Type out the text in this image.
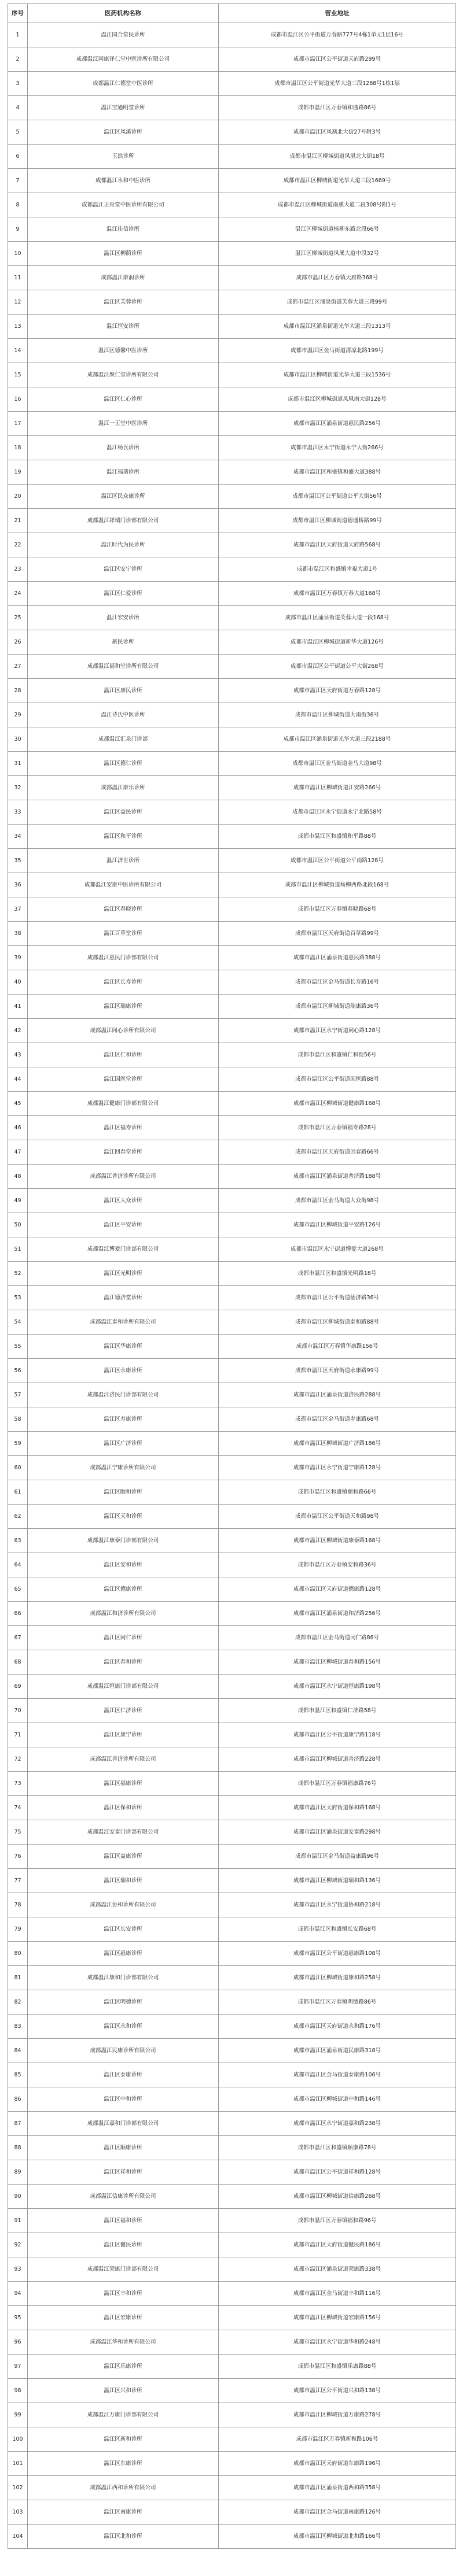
序号	医药机构名称	营业地址
1	温江国合堂民诊所	成都市温江区公平街道万春路777号4栋1单元1层16号
2	成都温江同康泽仁堂中医诊所有限公司	成都市温江区公平街道天府路299号
3	成都温江仁德堂中医诊所	成都市温江区公平街道光华大道三段1288号1栋1层
4	温江宝通明堂诊所	成都市温江区万春镇和盛路86号
5	温江区凤溪诊所	成都市温江区凤凰北大街27号附3号
6	玉滨诊所	成都市温江区柳城街道凤凰北大街18号
7	成都温江永和中医诊所	成都市温江区柳城街道光华大道三段1669号
8	成都温江正骨堂中医诊所有限公司	成都市温江区柳城街道南熏大道二段308号附1号
9	温江佳信诊所	温江区柳城街道杨柳东路北段66号
10	温江区柳荫诊所	温江区柳城街道凤溪大道中段32号
11	成都温江康润诊所	成都市温江区万春镇天府路368号
12	温江区芙蓉诊所	成都市温江区涌泉街道芙蓉大道三段99号
13	温江恒安诊所	成都市温江区涌泉街道光华大道三段1313号
14	温江区德馨中医诊所	成都市温江区金马街道清凉北路199号
15	成都温江聚仁堂诊所有限公司	成都市温江区柳城街道光华大道三段1536号
16	温江区仁心诊所	成都市温江区柳城街道凤凰南大街128号
17	温江一正堂中医诊所	成都市温江区涌泉街道惠民路256号
18	温江杨氏诊所	成都市温江区永宁街道永宁大街266号
19	温江福瑞诊所	成都市温江区和盛镇和盛大道388号
20	温江区民众康诊所	成都市温江区公平街道公平大街56号
21	成都温江祥瑞门诊部有限公司	成都市温江区柳城街道德通桥路99号
22	温江时代为民诊所	成都市温江区天府街道天府路568号
23	温江区安宁诊所	成都市温江区和盛镇幸福大道1号
24	温江区仁爱诊所	成都市温江区万春镇万春大道168号
25	温江宏安诊所	成都市温江区涌泉街道芙蓉大道一段168号
26	新民诊所	成都市温江区柳城街道新华大道126号
27	成都温江福和堂诊所有限公司	成都市温江区公平街道公平大街268号
28	温江区康民诊所	成都市温江区天府街道万春路128号
29	温江诗氏中医诊所	成都市温江区柳城街道大南街36号
30	成都温江汇泉门诊部	成都市温江区涌泉街道光华大道三段2188号
31	温江区德仁诊所	成都市温江区金马街道金马大道98号
32	成都温江康乐诊所	成都市温江区柳城街道江安路266号
33	温江区益民诊所	成都市温江区永宁街道永宁北路58号
34	温江区和平诊所	成都市温江区和盛镇和平路88号
35	温江济世诊所	成都市温江区公平街道公平南路128号
36	成都温江安康中医诊所有限公司	成都市温江区柳城街道杨柳西路北段168号
37	温江区春晓诊所	成都市温江区万春镇春晓路68号
38	温江百草堂诊所	成都市温江区天府街道百草路99号
39	成都温江惠民门诊部有限公司	成都市温江区涌泉街道惠民路388号
40	温江区长寿诊所	成都市温江区金马街道长寿路16号
41	温江区瑞康诊所	成都市温江区柳城街道瑞康路36号
42	成都温江同心诊所有限公司	成都市温江区永宁街道同心路128号
43	温江区仁和诊所	成都市温江区和盛镇仁和街56号
44	温江国医堂诊所	成都市温江区公平街道国医路88号
45	成都温江健康门诊部有限公司	成都市温江区柳城街道健康路168号
46	温江区福寿诊所	成都市温江区万春镇福寿路28号
47	温江回春堂诊所	成都市温江区天府街道回春路66号
48	成都温江普济诊所有限公司	成都市温江区涌泉街道普济路188号
49	温江区大众诊所	成都市温江区金马街道大众街98号
50	温江区平安诊所	成都市温江区柳城街道平安路126号
51	成都温江博爱门诊部有限公司	成都市温江区永宁街道博爱大道268号
52	温江区光明诊所	成都市温江区和盛镇光明路18号
53	温江德济堂诊所	成都市温江区公平街道德济路36号
54	成都温江泰和诊所有限公司	成都市温江区柳城街道泰和路88号
55	温江区华康诊所	成都市温江区万春镇华康路156号
56	温江区永康诊所	成都市温江区天府街道永康路99号
57	成都温江济民门诊部有限公司	成都市温江区涌泉街道济民路288号
58	温江区寿康诊所	成都市温江区金马街道寿康路68号
59	温江区广济诊所	成都市温江区柳城街道广济路186号
60	成都温江宁康诊所有限公司	成都市温江区永宁街道宁康路128号
61	温江区颐和诊所	成都市温江区和盛镇颐和路66号
62	温江区天和诊所	成都市温江区公平街道天和路98号
63	成都温江康泰门诊部有限公司	成都市温江区柳城街道康泰路168号
64	温江区安和诊所	成都市温江区万春镇安和路36号
65	温江区德康诊所	成都市温江区天府街道德康路128号
66	成都温江和济诊所有限公司	成都市温江区涌泉街道和济路256号
67	温江区同仁诊所	成都市温江区金马街道同仁路86号
68	温江区春和诊所	成都市温江区柳城街道春和路156号
69	成都温江恒康门诊部有限公司	成都市温江区永宁街道恒康路198号
70	温江区仁济诊所	成都市温江区和盛镇仁济路58号
71	温江区康宁诊所	成都市温江区公平街道康宁路118号
72	成都温江善济诊所有限公司	成都市温江区柳城街道善济路228号
73	温江区福康诊所	成都市温江区万春镇福康路76号
74	温江区保和诊所	成都市温江区天府街道保和路168号
75	成都温江安泰门诊部有限公司	成都市温江区涌泉街道安泰路298号
76	温江区益康诊所	成都市温江区金马街道益康路96号
77	温江区瑞和诊所	成都市温江区柳城街道瑞和路136号
78	成都温江协和诊所有限公司	成都市温江区永宁街道协和路218号
79	温江区长安诊所	成都市温江区和盛镇长安路68号
80	温江区惠康诊所	成都市温江区公平街道惠康路108号
81	成都温江康和门诊部有限公司	成都市温江区柳城街道康和路258号
82	温江区明德诊所	成都市温江区万春镇明德路86号
83	温江区永和诊所	成都市温江区天府街道永和路176号
84	成都温江民康诊所有限公司	成都市温江区涌泉街道民康路318号
85	温江区泰康诊所	成都市温江区金马街道泰康路106号
86	温江区中和诊所	成都市温江区柳城街道中和路146号
87	成都温江嘉和门诊部有限公司	成都市温江区永宁街道嘉和路238号
88	温江区顺康诊所	成都市温江区和盛镇顺康路78号
89	温江区祥和诊所	成都市温江区公平街道祥和路128号
90	成都温江信康诊所有限公司	成都市温江区柳城街道信康路268号
91	温江区福和诊所	成都市温江区万春镇福和路96号
92	温江区健民诊所	成都市温江区天府街道健民路186号
93	成都温江荣康门诊部有限公司	成都市温江区涌泉街道荣康路338号
94	温江区丰和诊所	成都市温江区金马街道丰和路116号
95	温江区宏康诊所	成都市温江区柳城街道宏康路156号
96	成都温江华和诊所有限公司	成都市温江区永宁街道华和路248号
97	温江区乐康诊所	成都市温江区和盛镇乐康路88号
98	温江区兴和诊所	成都市温江区公平街道兴和路138号
99	成都温江万康门诊部有限公司	成都市温江区柳城街道万康路278号
100	温江区新和诊所	成都市温江区万春镇新和路106号
101	温江区东康诊所	成都市温江区天府街道东康路196号
102	成都温江西和诊所有限公司	成都市温江区涌泉街道西和路358号
103	温江区南康诊所	成都市温江区金马街道南康路126号
104	温江区北和诊所	成都市温江区柳城街道北和路166号
